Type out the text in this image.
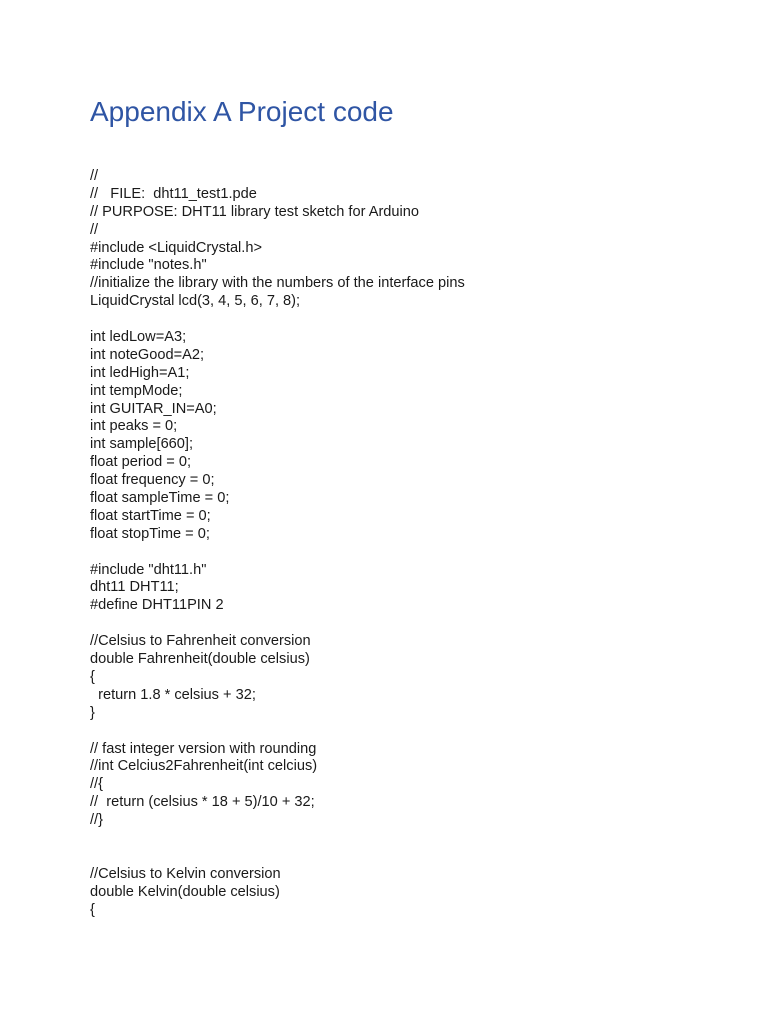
Appendix A Project code
//
//   FILE:  dht11_test1.pde
// PURPOSE: DHT11 library test sketch for Arduino
//
#include <LiquidCrystal.h>
#include "notes.h"
//initialize the library with the numbers of the interface pins
LiquidCrystal lcd(3, 4, 5, 6, 7, 8);
int ledLow=A3;
int noteGood=A2;
int ledHigh=A1;
int tempMode;
int GUITAR_IN=A0;
int peaks = 0;
int sample[660];
float period = 0;
float frequency = 0;
float sampleTime = 0;
float startTime = 0;
float stopTime = 0;
#include "dht11.h"
dht11 DHT11;
#define DHT11PIN 2
//Celsius to Fahrenheit conversion
double Fahrenheit(double celsius)
{
return 1.8 * celsius + 32;
}
// fast integer version with rounding
//int Celcius2Fahrenheit(int celcius)
//{
//  return (celsius * 18 + 5)/10 + 32;
//}
//Celsius to Kelvin conversion
double Kelvin(double celsius)
{
